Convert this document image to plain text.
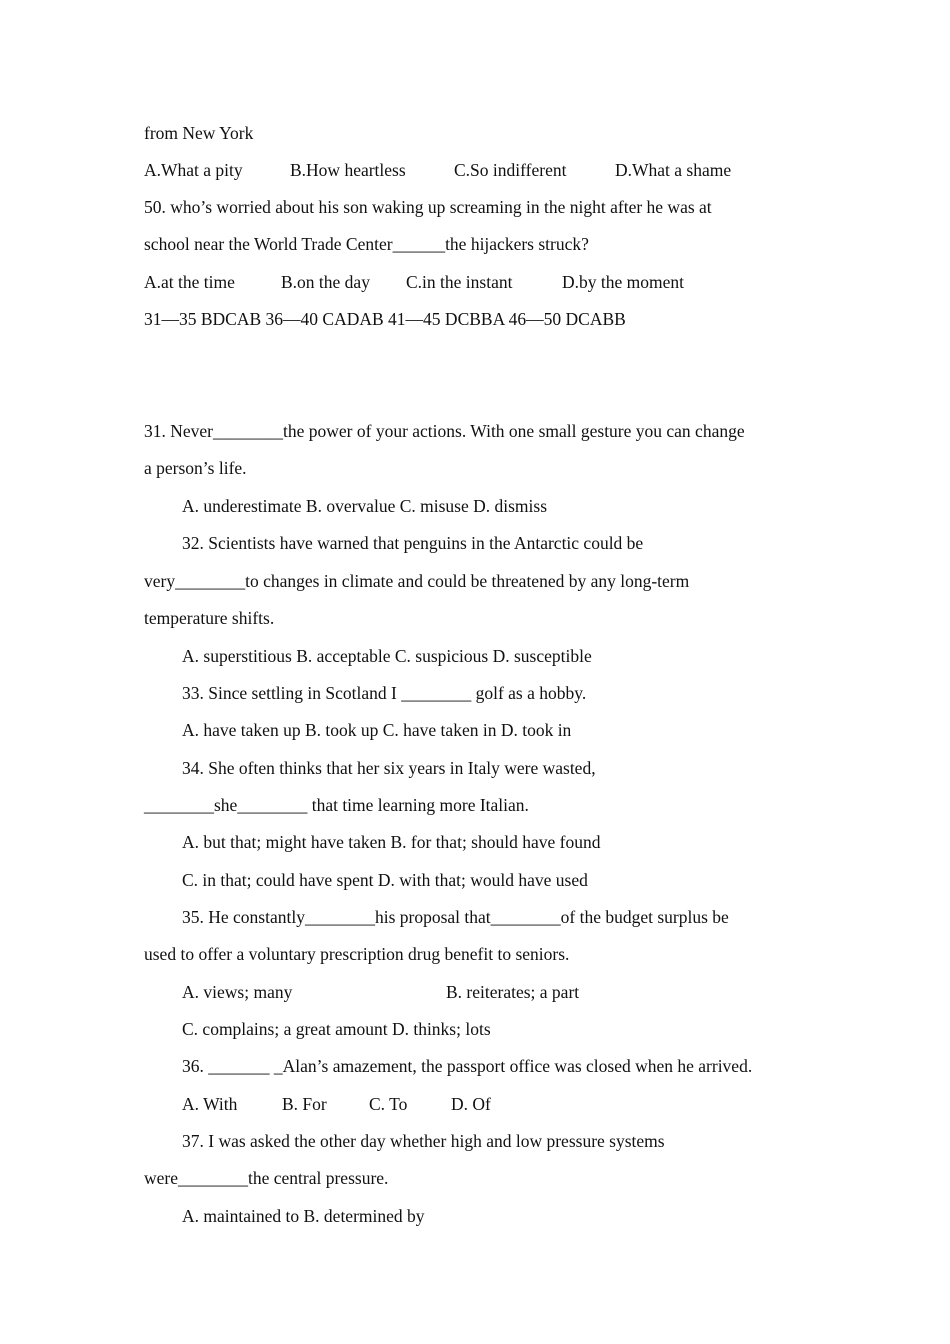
from New York
A.What a pity	B.How heartless	C.So indifferent	D.What a shame
50. who’s worried about his son waking up screaming in the night after he was at
school near the World Trade Center______the hijackers struck?
A.at the time	B.on the day C.in the instant	D.by the moment
31—35 BDCAB 36—40 CADAB 41—45 DCBBA 46—50 DCABB
31. Never________the power of your actions. With one small gesture you can change
a person’s life.
A. underestimate B. overvalue C. misuse D. dismiss
32. Scientists have warned that penguins in the Antarctic could be
very________to changes in climate and could be threatened by any long-term
temperature shifts.
A. superstitious B. acceptable C. suspicious D. susceptible
33. Since settling in Scotland I ________ golf as a hobby.
A. have taken up B. took up C. have taken in D. took in
34. She often thinks that her six years in Italy were wasted,
________she________ that time learning more Italian.
A. but that; might have taken B. for that; should have found
C. in that; could have spent D. with that; would have used
35. He constantly________his proposal that________of the budget surplus be
used to offer a voluntary prescription drug benefit to seniors.
A. views; many	B. reiterates; a part
C. complains; a great amount D. thinks; lots
36. _______ _Alan’s amazement, the passport office was closed when he arrived.
A. With	B. For C. To D. Of
37. I was asked the other day whether high and low pressure systems
were________the central pressure.
A. maintained to B. determined by
